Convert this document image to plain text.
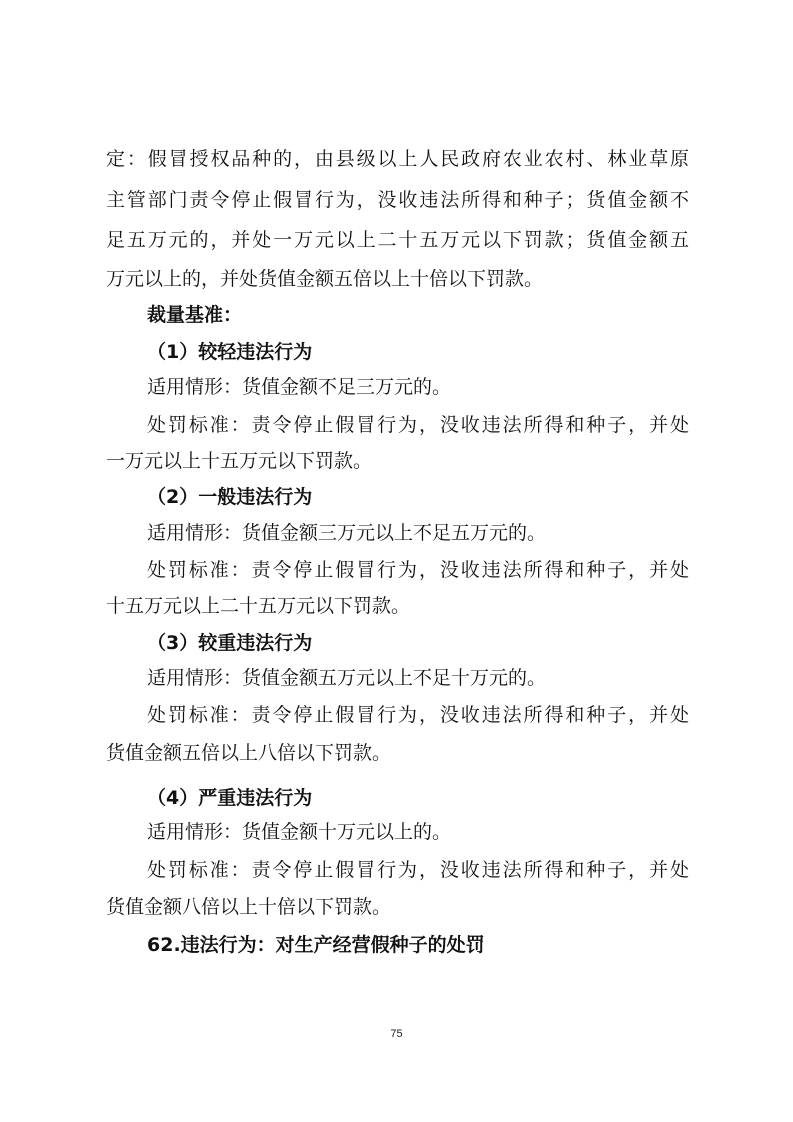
定：假冒授权品种的，由县级以上人民政府农业农村、林业草原
主管部门责令停止假冒行为，没收违法所得和种子；货值金额不
足五万元的，并处一万元以上二十五万元以下罚款；货值金额五
万元以上的，并处货值金额五倍以上十倍以下罚款。
裁量基准：
（1）较轻违法行为
适用情形：货值金额不足三万元的。
处罚标准：责令停止假冒行为，没收违法所得和种子，并处
一万元以上十五万元以下罚款。
（2）一般违法行为
适用情形：货值金额三万元以上不足五万元的。
处罚标准：责令停止假冒行为，没收违法所得和种子，并处
十五万元以上二十五万元以下罚款。
（3）较重违法行为
适用情形：货值金额五万元以上不足十万元的。
处罚标准：责令停止假冒行为，没收违法所得和种子，并处
货值金额五倍以上八倍以下罚款。
（4）严重违法行为
适用情形：货值金额十万元以上的。
处罚标准：责令停止假冒行为，没收违法所得和种子，并处
货值金额八倍以上十倍以下罚款。
62.违法行为：对生产经营假种子的处罚
75
